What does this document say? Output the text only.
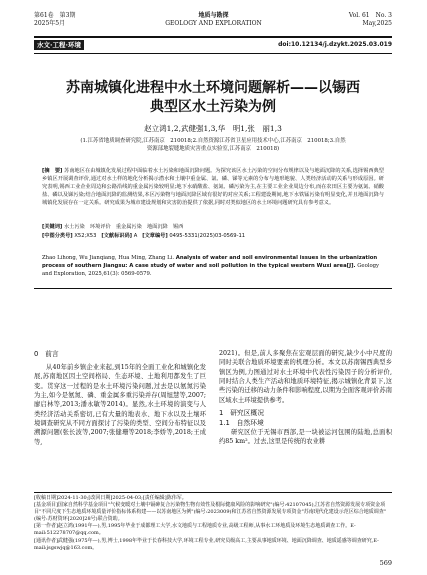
第61卷　第3期
2025年5月
地质与勘探
GEOLOGY AND EXPLORATION
Vol. 61　No. 3
May,2025
水文·工程·环境	doi:10.12134/j.dzykt.2025.03.019
苏南城镇化进程中水土环境问题解析——以锡西
典型区水土污染为例
赵立鸿1,2,武健强1,3,华　明1,张　丽1,3
(1.江苏省地质调查研究院,江苏南京　210018;2.自然资源江苏省卫星应用技术中心,江苏南京　210018;3.自然
资源部地裂缝地质灾害重点实验室,江苏南京　210018)
[摘　要] 苏南地区在由城镇化发展过程中面临着水土污染和地面沉降问题。为探究该区水土污染的空间分布规律以及与地面沉降的关系,选择锡西典型乡镇区开展调查评价,通过对水土样的地化分析揭示潜水和土壤中重金属、氯、磷、锑等元素的分布与地形地貌、人类经济活动的关系与形成原因。研究表明,锡西工业企业周边和公路沿线的重金属污染较明显;地下水硝酸盐、氨氮、磷污染为主,在主要工业企业周边分布,而在农田区主要为氨氮、硝酸盐、磷以及锑污染;结合地面沉降的监测结果,本区污染物与地面沉降区域有很好的对应关系;工程建设期间,地下水铁锰污染有明显变化,并且地面沉降与城镇化发展存在一定关系。研究成果为城市建设规划和灾害防治提供了依据,同时对类似地区的水土环境问题研究具有参考意义。
[关键词] 水土污染　环境评价　重金属污染　地面沉降　锡西
[中图分类号] X52;X53 [文献标识码] A [文章编号] 0495-5331(2025)03-0569-11
Zhao Lihong, Wu Jianqiang, Hua Ming, Zhang Li. Analysis of water and soil environmental issues in the urbanization process of southern Jiangsu: A case study of water and soil pollution in the typical western Wuxi area[J]. Geology and Exploration, 2025,61(3): 0569-0579.
0　前言

从40年前乡镇企业来起,到15年的全面工业化和城镇化发展,苏南地区因土空间格局、生态环境、土地利用都发生了巨变。贯穿这一过程的是水土环境污染问题,过去是以氨氮污染为主,如今是氨氮、磷、重金属多重污染并存(周旭慧等,2007;廖启林等,2013;潘永敏等2014)。显然,水土环境的演变与人类经济活动关系密切,已有大量的地表水、地下水以及土壤环境调查研究从不同方面探讨了污染的类型、空间分布特征以及溯源问题(张长波等,2007;张健珊等2018;李娇等,2018;王成等,

2021)。但是,前人多聚焦在宏观层面的研究,缺少小中尺度的同时关联合地质环境要素的机理分析。本文以苏南锡西典型乡镇区为例,力图通过对水土环境中代表性污染因子的分析评价,同时结合人类生产活动和地质环境特征,揭示城镇化背景下,这些污染的迁移的动力条件和影响程度,以期为全面客观评价苏南区域水土环境提供参考。

1　研究区概况
1.1　自然环境

研究区位于无锡市西部,是一块被运河包围的陆地,总面积约85 km²。过去,这里是传统的农业耕

[收稿日期]2024-11-30;[改回日期]2025-04-03;[责任编辑]陈伟军。
[基金项目]国家自然科学基金项目"气候变暖对土壤中镉砷复合污染物生物有效性及根际健康风险的影响研究"(编号:42107045),江苏省自然资源发展专项资金项目"不同尺度下生态地质环境质量评价指标体系构建——以苏南地区为例"(编号:2023009)和江苏省自然资源发展专项资金"苏南现代化建设示范区综合地质调查"(编号:苏财资环[2020]28号)联合资助。
[第一作者]赵立鸿(1991年—),男,1995年毕业于成都理工大学,水文地质与工程地质专业,高级工程师,从事水工环地质及环境生态地质调查工作。E-mail:512278707@qq.com。
[通讯作者]武健强(1975年—),男,博士,1998年毕业于长春科技大学,环境工程专业,研究员级高工,主要从事地质环境、地面沉降调查、地质遥感等调查研究,E-mail:jsgswjq@163.com。
569
